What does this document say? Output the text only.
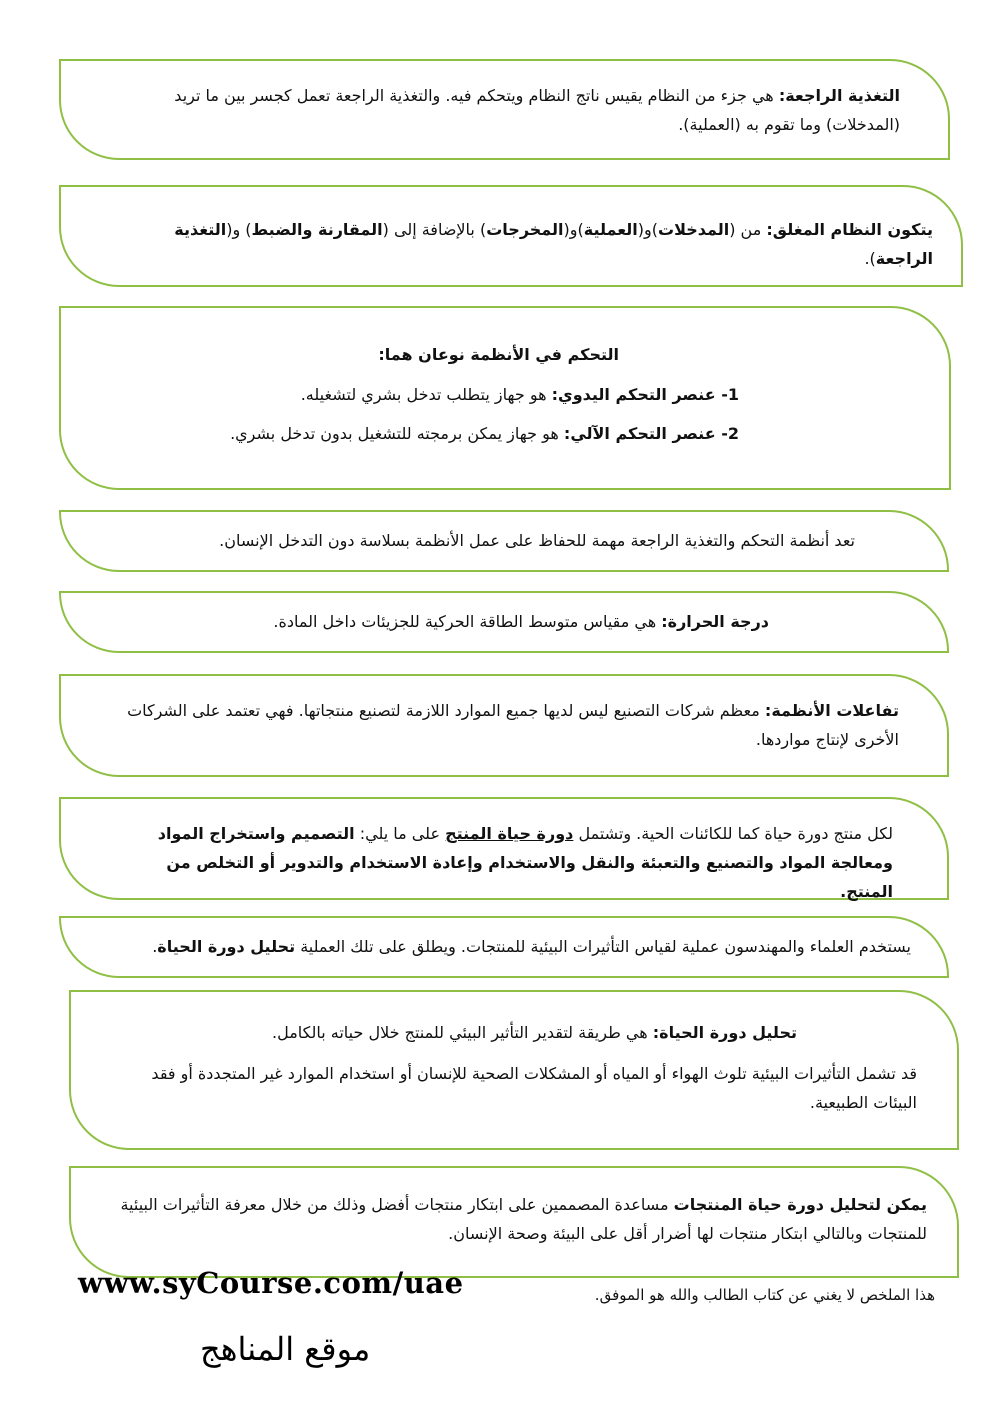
التغذية الراجعة: هي جزء من النظام يقيس ناتج النظام ويتحكم فيه. والتغذية الراجعة تعمل كجسر بين ما تريد (المدخلات) وما تقوم به (العملية).

يتكون النظام المغلق: من (المدخلات)و(العملية)و(المخرجات) بالإضافة إلى (المقارنة والضبط) و(التغذية الراجعة).

التحكم في الأنظمة نوعان هما:

1- عنصر التحكم اليدوي: هو جهاز يتطلب تدخل بشري لتشغيله.

2- عنصر التحكم الآلي: هو جهاز يمكن برمجته للتشغيل بدون تدخل بشري.

تعد أنظمة التحكم والتغذية الراجعة مهمة للحفاظ على عمل الأنظمة بسلاسة دون التدخل الإنسان.

درجة الحرارة: هي مقياس متوسط الطاقة الحركية للجزيئات داخل المادة.

تفاعلات الأنظمة: معظم شركات التصنيع ليس لديها جميع الموارد اللازمة لتصنيع منتجاتها. فهي تعتمد على الشركات الأخرى لإنتاج مواردها.

لكل منتج دورة حياة كما للكائنات الحية. وتشتمل دورة حياة المنتج على ما يلي: التصميم واستخراج المواد ومعالجة المواد والتصنيع والتعبئة والنقل والاستخدام وإعادة الاستخدام والتدوير أو التخلص من المنتج.

يستخدم العلماء والمهندسون عملية لقياس التأثيرات البيئية للمنتجات. ويطلق على تلك العملية تحليل دورة الحياة.

تحليل دورة الحياة: هي طريقة لتقدير التأثير البيئي للمنتج خلال حياته بالكامل.

قد تشمل التأثيرات البيئية تلوث الهواء أو المياه أو المشكلات الصحية للإنسان أو استخدام الموارد غير المتجددة أو فقد البيئات الطبيعية.

يمكن لتحليل دورة حياة المنتجات مساعدة المصممين على ابتكار منتجات أفضل وذلك من خلال معرفة التأثيرات البيئية للمنتجات وبالتالي ابتكار منتجات لها أضرار أقل على البيئة وصحة الإنسان.

هذا الملخص لا يغني عن كتاب الطالب والله هو الموفق.
www.syCourse.com/uae
موقع المناهج
